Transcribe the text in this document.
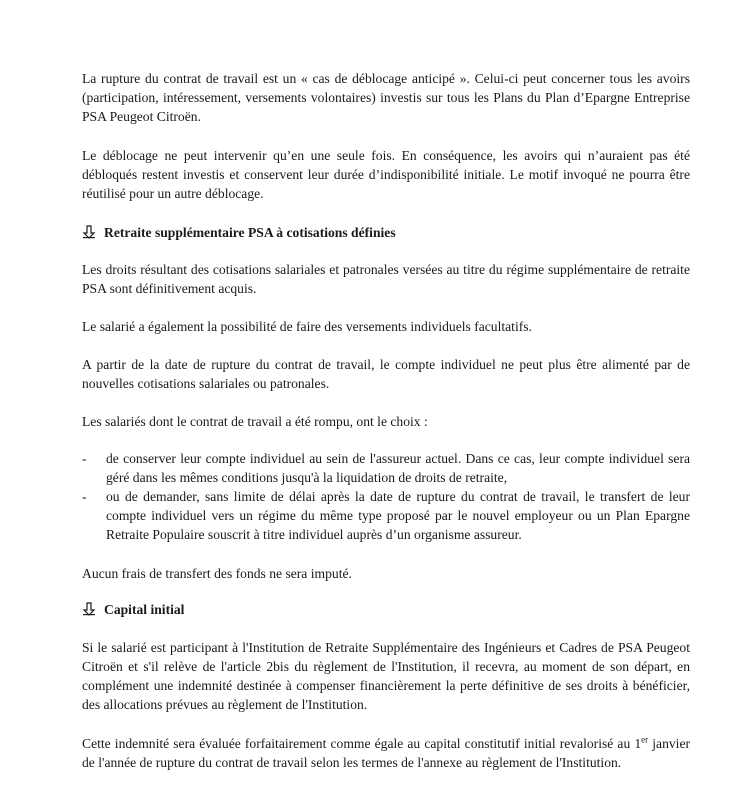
La rupture du contrat de travail est un « cas de déblocage anticipé ». Celui-ci peut concerner tous les avoirs (participation, intéressement, versements volontaires) investis sur tous les Plans du Plan d’Epargne Entreprise PSA Peugeot Citroën.

Le déblocage ne peut intervenir qu’en une seule fois. En conséquence, les avoirs qui n’auraient pas été débloqués restent investis et conservent leur durée d’indisponibilité initiale. Le motif invoqué ne pourra être réutilisé pour un autre déblocage.

Retraite supplémentaire PSA à cotisations définies

Les droits résultant des cotisations salariales et patronales versées au titre du régime supplémentaire de retraite PSA sont définitivement acquis.

Le salarié a également la possibilité de faire des versements individuels facultatifs.

A partir de la date de rupture du contrat de travail, le compte individuel ne peut plus être alimenté par de nouvelles cotisations salariales ou patronales.

Les salariés dont le contrat de travail a été rompu, ont le choix :

- de conserver leur compte individuel au sein de l'assureur actuel. Dans ce cas, leur compte individuel sera géré dans les mêmes conditions jusqu'à la liquidation de droits de retraite,
- ou de demander, sans limite de délai après la date de rupture du contrat de travail, le transfert de leur compte individuel vers un régime du même type proposé par le nouvel employeur ou un Plan Epargne Retraite Populaire souscrit à titre individuel auprès d’un organisme assureur.

Aucun frais de transfert des fonds ne sera imputé.

Capital initial

Si le salarié est participant à l'Institution de Retraite Supplémentaire des Ingénieurs et Cadres de PSA Peugeot Citroën et s'il relève de l'article 2bis du règlement de l'Institution, il recevra, au moment de son départ, en complément une indemnité destinée à compenser financièrement la perte définitive de ses droits à bénéficier, des allocations prévues au règlement de l'Institution.

Cette indemnité sera évaluée forfaitairement comme égale au capital constitutif initial revalorisé au 1er janvier de l'année de rupture du contrat de travail selon les termes de l'annexe au règlement de l'Institution.
